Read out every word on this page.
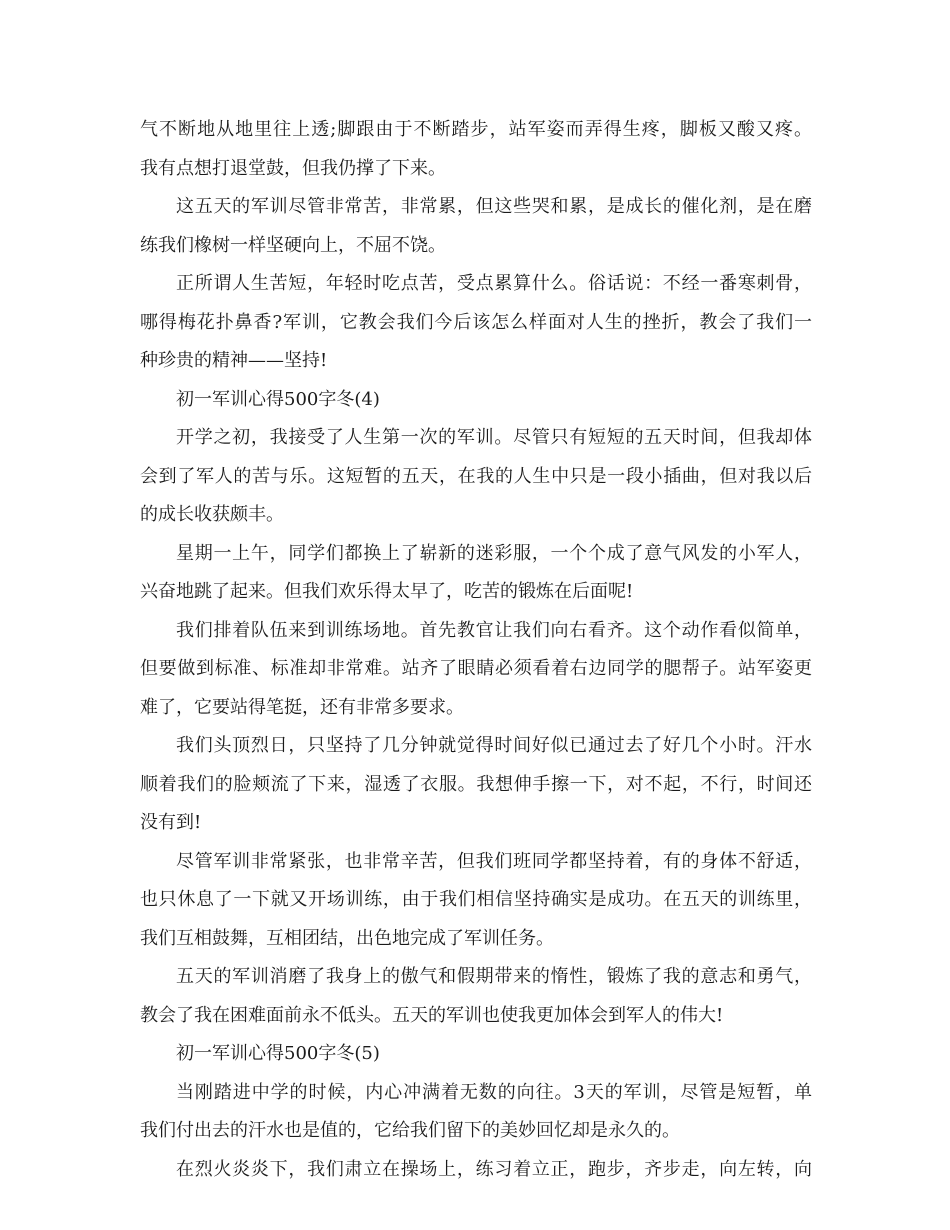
气不断地从地里往上透;脚跟由于不断踏步，站军姿而弄得生疼，脚板又酸又疼。
我有点想打退堂鼓，但我仍撑了下来。
这五天的军训尽管非常苦，非常累，但这些哭和累，是成长的催化剂，是在磨
练我们橡树一样坚硬向上，不屈不饶。
正所谓人生苦短，年轻时吃点苦，受点累算什么。俗话说：不经一番寒刺骨，
哪得梅花扑鼻香?军训，它教会我们今后该怎么样面对人生的挫折，教会了我们一
种珍贵的精神——坚持!
初一军训心得500字冬(4)
开学之初，我接受了人生第一次的军训。尽管只有短短的五天时间，但我却体
会到了军人的苦与乐。这短暂的五天，在我的人生中只是一段小插曲，但对我以后
的成长收获颇丰。
星期一上午，同学们都换上了崭新的迷彩服，一个个成了意气风发的小军人，
兴奋地跳了起来。但我们欢乐得太早了，吃苦的锻炼在后面呢!
我们排着队伍来到训练场地。首先教官让我们向右看齐。这个动作看似简单，
但要做到标准、标准却非常难。站齐了眼睛必须看着右边同学的腮帮子。站军姿更
难了，它要站得笔挺，还有非常多要求。
我们头顶烈日，只坚持了几分钟就觉得时间好似已通过去了好几个小时。汗水
顺着我们的脸颊流了下来，湿透了衣服。我想伸手擦一下，对不起，不行，时间还
没有到!
尽管军训非常紧张，也非常辛苦，但我们班同学都坚持着，有的身体不舒适，
也只休息了一下就又开场训练，由于我们相信坚持确实是成功。在五天的训练里，
我们互相鼓舞，互相团结，出色地完成了军训任务。
五天的军训消磨了我身上的傲气和假期带来的惰性，锻炼了我的意志和勇气，
教会了我在困难面前永不低头。五天的军训也使我更加体会到军人的伟大!
初一军训心得500字冬(5)
当刚踏进中学的时候，内心冲满着无数的向往。3天的军训，尽管是短暂，单
我们付出去的汗水也是值的，它给我们留下的美妙回忆却是永久的。
在烈火炎炎下，我们肃立在操场上，练习着立正，跑步，齐步走，向左转，向
